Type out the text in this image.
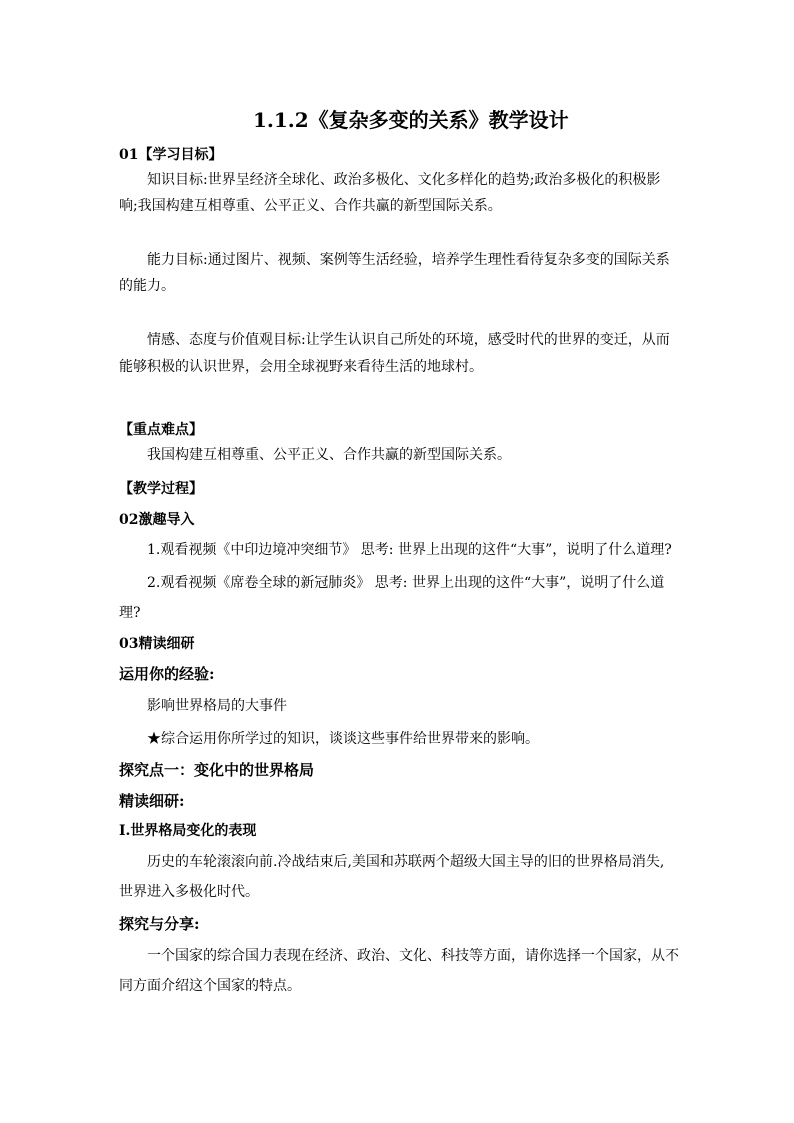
1.1.2《复杂多变的关系》教学设计
01【学习目标】
知识目标:世界呈经济全球化、政治多极化、文化多样化的趋势;政治多极化的积极影
响;我国构建互相尊重、公平正义、合作共赢的新型国际关系。
能力目标:通过图片、视频、案例等生活经验，培养学生理性看待复杂多变的国际关系
的能力。
情感、态度与价值观目标:让学生认识自己所处的环境，感受时代的世界的变迁，从而
能够积极的认识世界，会用全球视野来看待生活的地球村。
【重点难点】
我国构建互相尊重、公平正义、合作共赢的新型国际关系。
【教学过程】
02激趣导入
1.观看视频《中印边境冲突细节》 思考: 世界上出现的这件“大事”，说明了什么道理?
2.观看视频《席卷全球的新冠肺炎》 思考: 世界上出现的这件“大事”，说明了什么道
理?
03精读细研
运用你的经验:
影响世界格局的大事件
★综合运用你所学过的知识，谈谈这些事件给世界带来的影响。
探究点一：变化中的世界格局
精读细研:
Ⅰ.世界格局变化的表现
历史的车轮滚滚向前.冷战结束后,美国和苏联两个超级大国主导的旧的世界格局消失,
世界进入多极化时代。
探究与分享:
一个国家的综合国力表现在经济、政治、文化、科技等方面，请你选择一个国家，从不
同方面介绍这个国家的特点。
